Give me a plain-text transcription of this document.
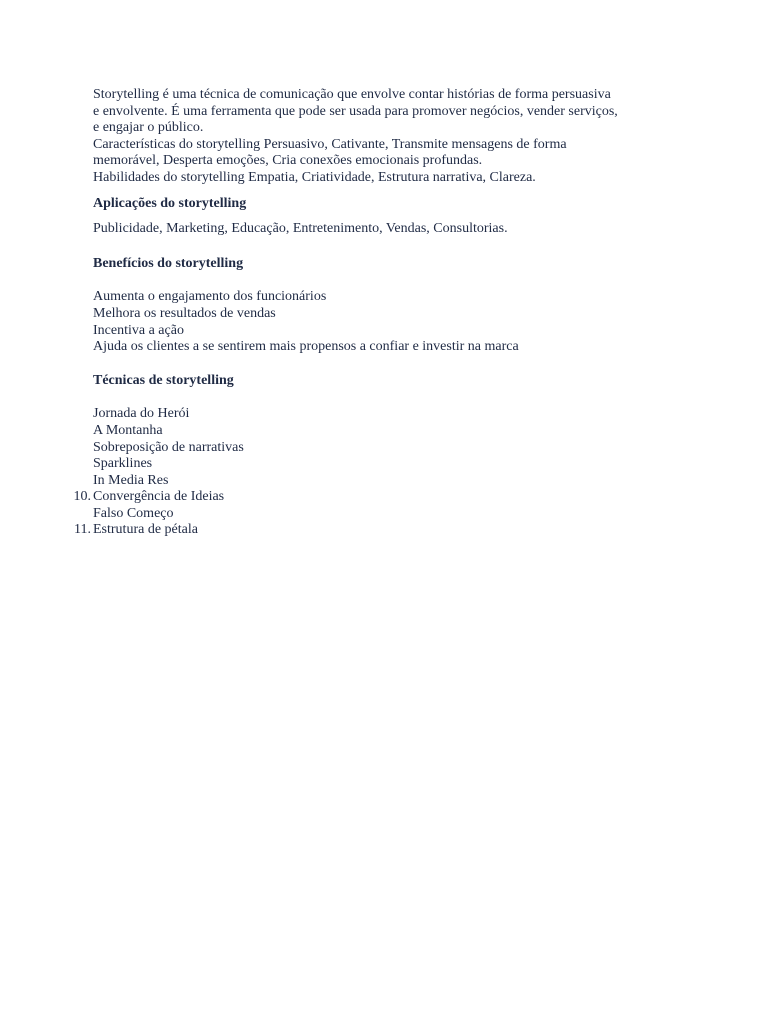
Storytelling é uma técnica de comunicação que envolve contar histórias de forma persuasiva

e envolvente. É uma ferramenta que pode ser usada para promover negócios, vender serviços,

e engajar o público.

Características do storytelling Persuasivo, Cativante, Transmite mensagens de forma

memorável, Desperta emoções, Cria conexões emocionais profundas.

Habilidades do storytelling Empatia, Criatividade, Estrutura narrativa, Clareza.

Aplicações do storytelling

Publicidade, Marketing, Educação, Entretenimento, Vendas, Consultorias.

Benefícios do storytelling
Aumenta o engajamento dos funcionários
Melhora os resultados de vendas
Incentiva a ação
Ajuda os clientes a se sentirem mais propensos a confiar e investir na marca
Técnicas de storytelling
Jornada do Herói
A Montanha
Sobreposição de narrativas
Sparklines
In Media Res
10. Convergência de Ideias
Falso Começo
11. Estrutura de pétala
